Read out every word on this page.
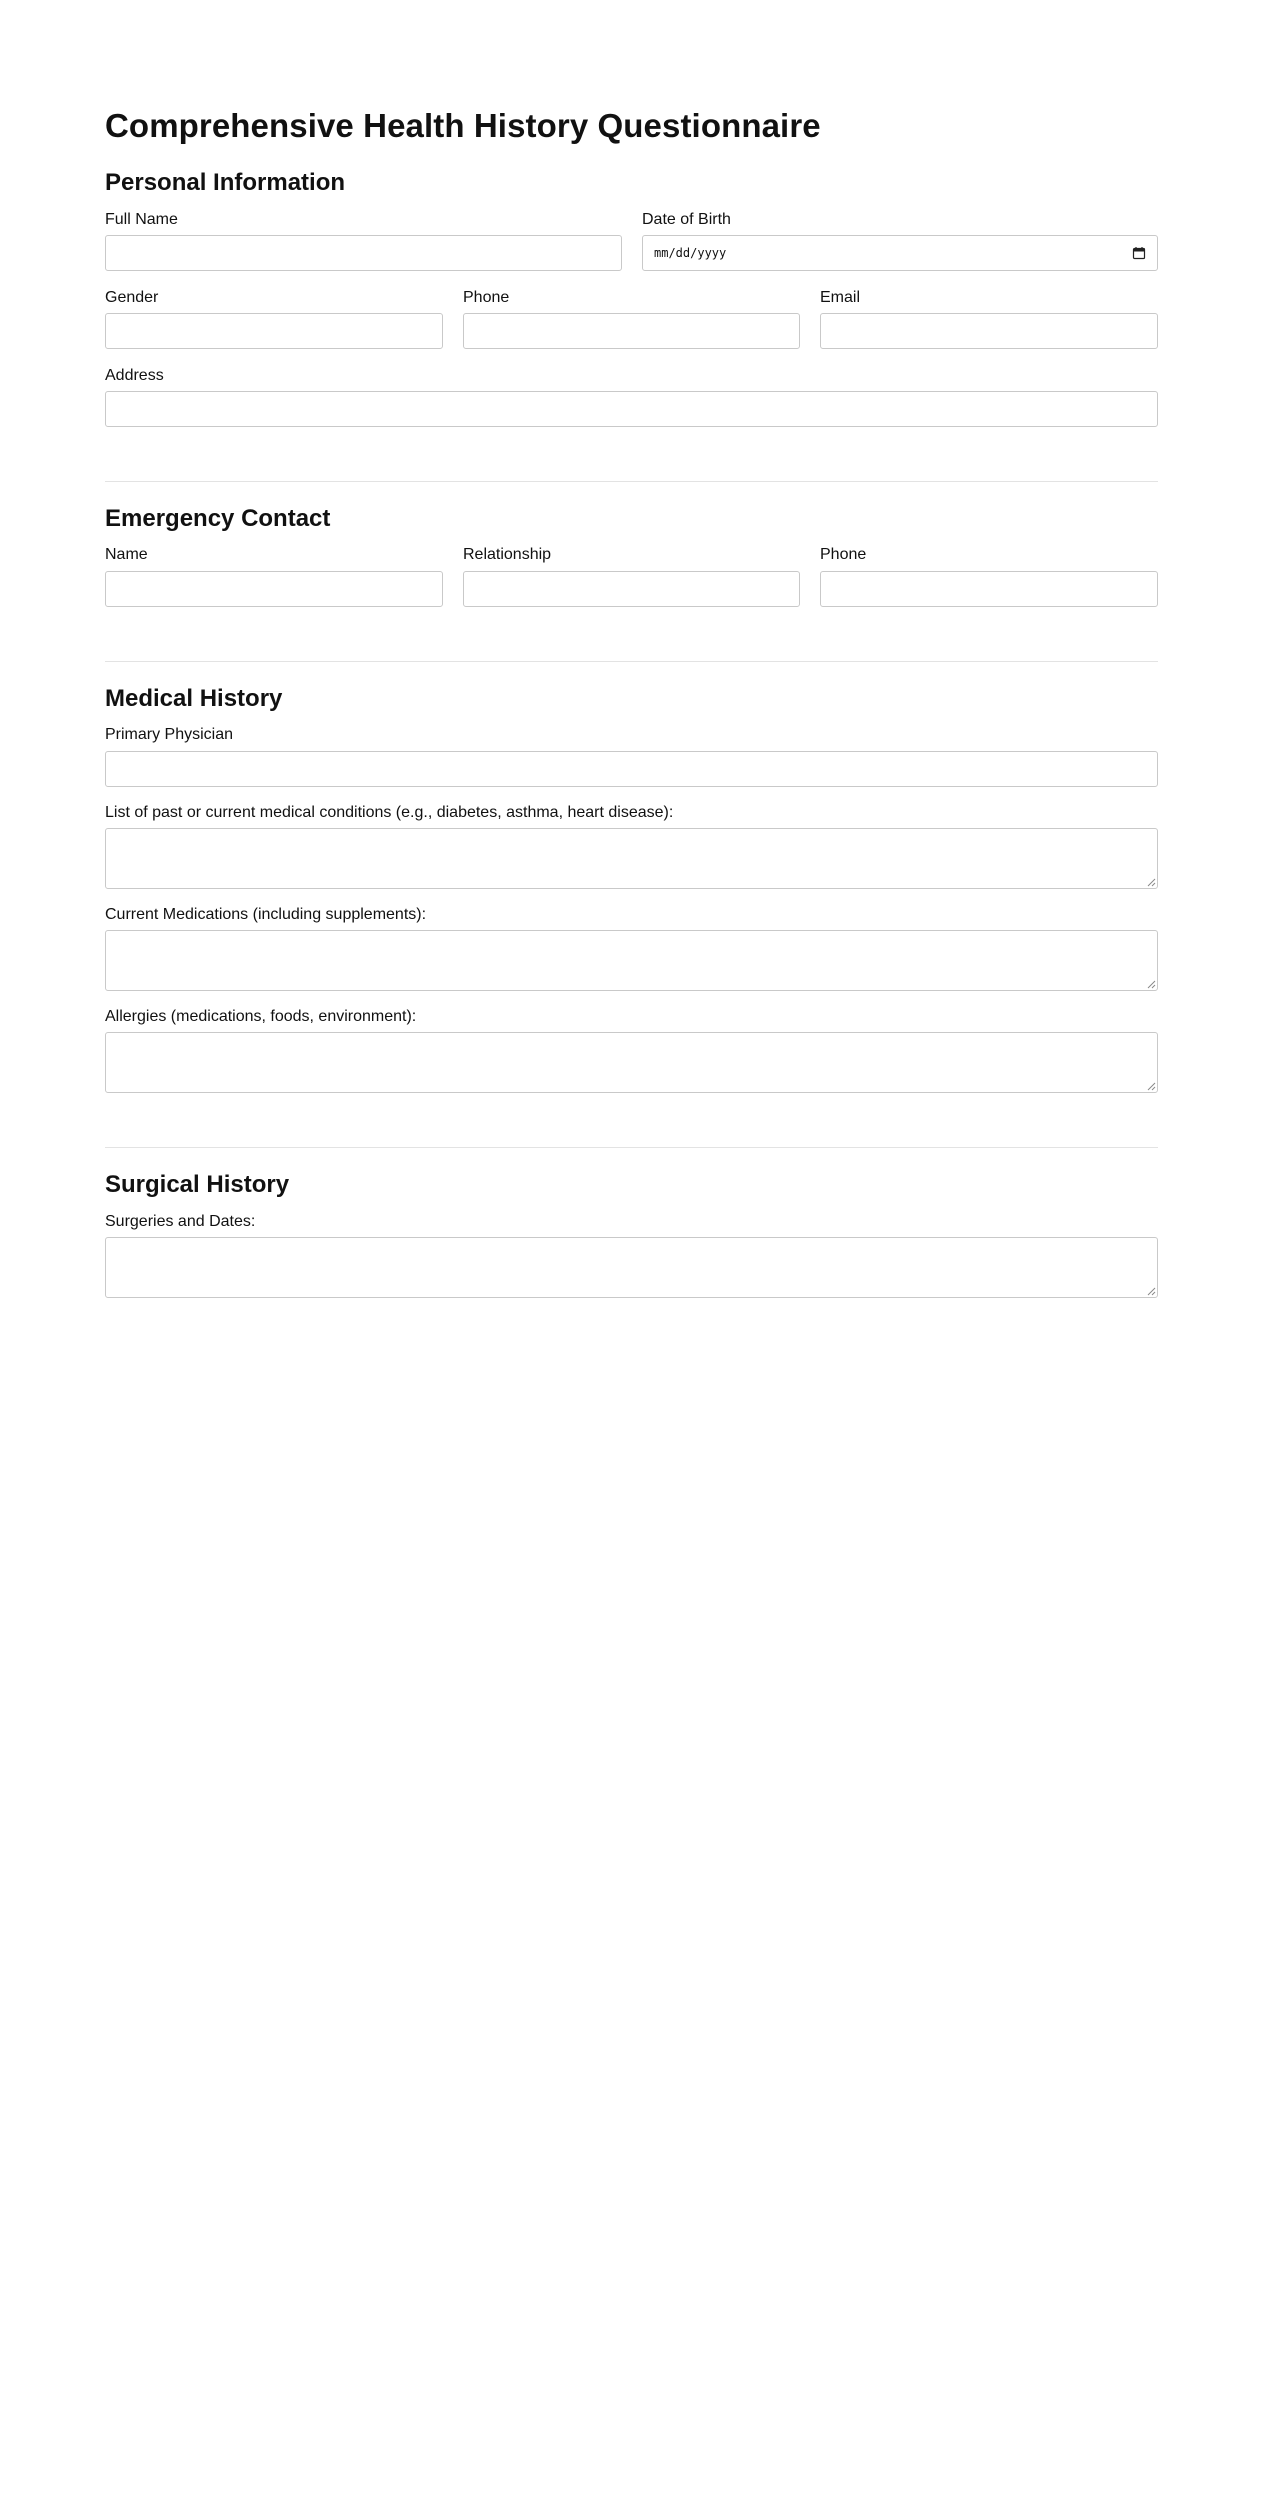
Comprehensive Health History Questionnaire
Personal Information
Full Name	Date of Birth
mm/dd/yyyy
Gender	Phone	Email
Address
Emergency Contact
Name	Relationship	Phone
Medical History
Primary Physician
List of past or current medical conditions (e.g., diabetes, asthma, heart disease):
Current Medications (including supplements):
Allergies (medications, foods, environment):
Surgical History
Surgeries and Dates:
